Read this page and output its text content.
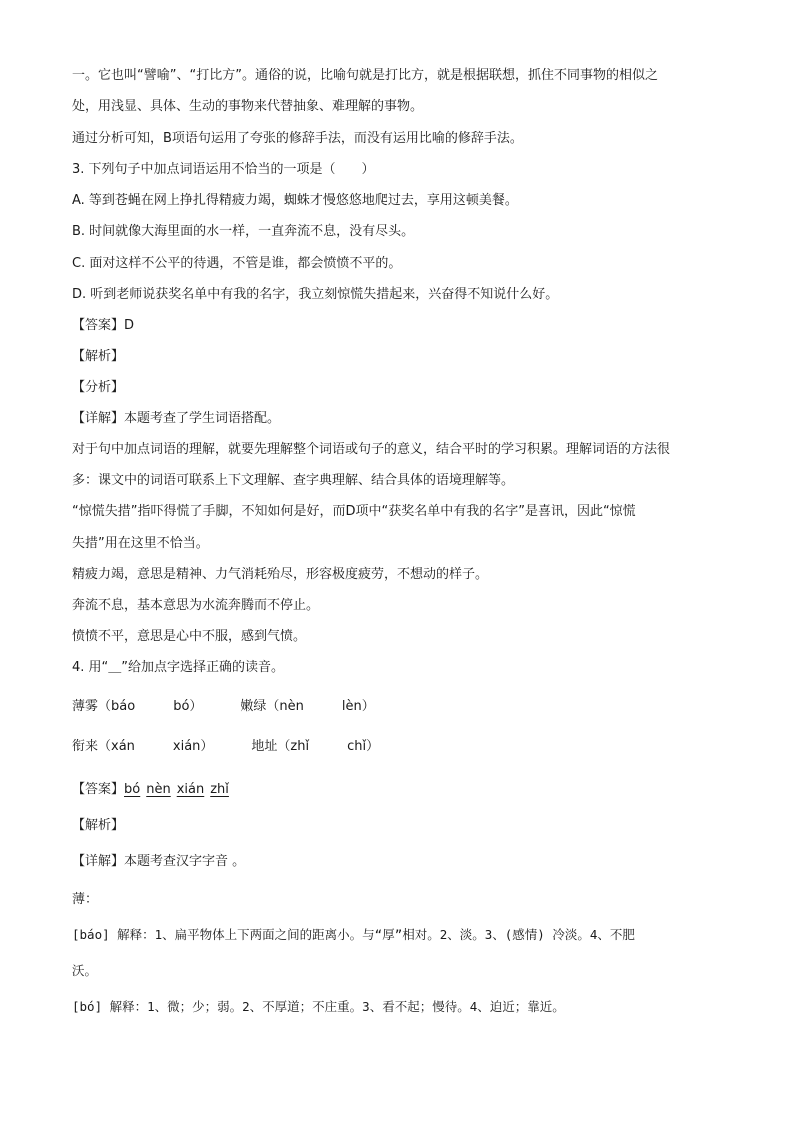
一。它也叫“譬喻”、“打比方”。通俗的说，比喻句就是打比方，就是根据联想，抓住不同事物的相似之
处，用浅显、具体、生动的事物来代替抽象、难理解的事物。
通过分析可知，B项语句运用了夸张的修辞手法，而没有运用比喻的修辞手法。
3. 下列句子中加点词语运用不恰当的一项是（　　）
A. 等到苍蝇在网上挣扎得精疲力竭，蜘蛛才慢悠悠地爬过去，享用这顿美餐。
B. 时间就像大海里面的水一样，一直奔流不息，没有尽头。
C. 面对这样不公平的待遇，不管是谁，都会愤愤不平的。
D. 听到老师说获奖名单中有我的名字，我立刻惊慌失措起来，兴奋得不知说什么好。
【答案】D
【解析】
【分析】
【详解】本题考查了学生词语搭配。
对于句中加点词语的理解，就要先理解整个词语或句子的意义，结合平时的学习积累。理解词语的方法很
多：课文中的词语可联系上下文理解、查字典理解、结合具体的语境理解等。
“惊慌失措”指吓得慌了手脚，不知如何是好，而D项中“获奖名单中有我的名字”是喜讯，因此“惊慌
失措”用在这里不恰当。
精疲力竭，意思是精神、力气消耗殆尽，形容极度疲劳，不想动的样子。
奔流不息，基本意思为水流奔腾而不停止。
愤愤不平，意思是心中不服，感到气愤。
4. 用“＿”给加点字选择正确的读音。
薄雾（báo	bó）	嫩绿（nèn	lèn）
衔来（xán	xián）	地址（zhǐ	chǐ）
【答案】bó nèn xián zhǐ
【解析】
【详解】本题考查汉字字音 。
薄：
[báo] 解释：1、扁平物体上下两面之间的距离小。与“厚”相对。2、淡。3、(感情) 冷淡。4、不肥
沃。
[bó] 解释：1、微；少；弱。2、不厚道；不庄重。3、看不起；慢待。4、迫近；靠近。
